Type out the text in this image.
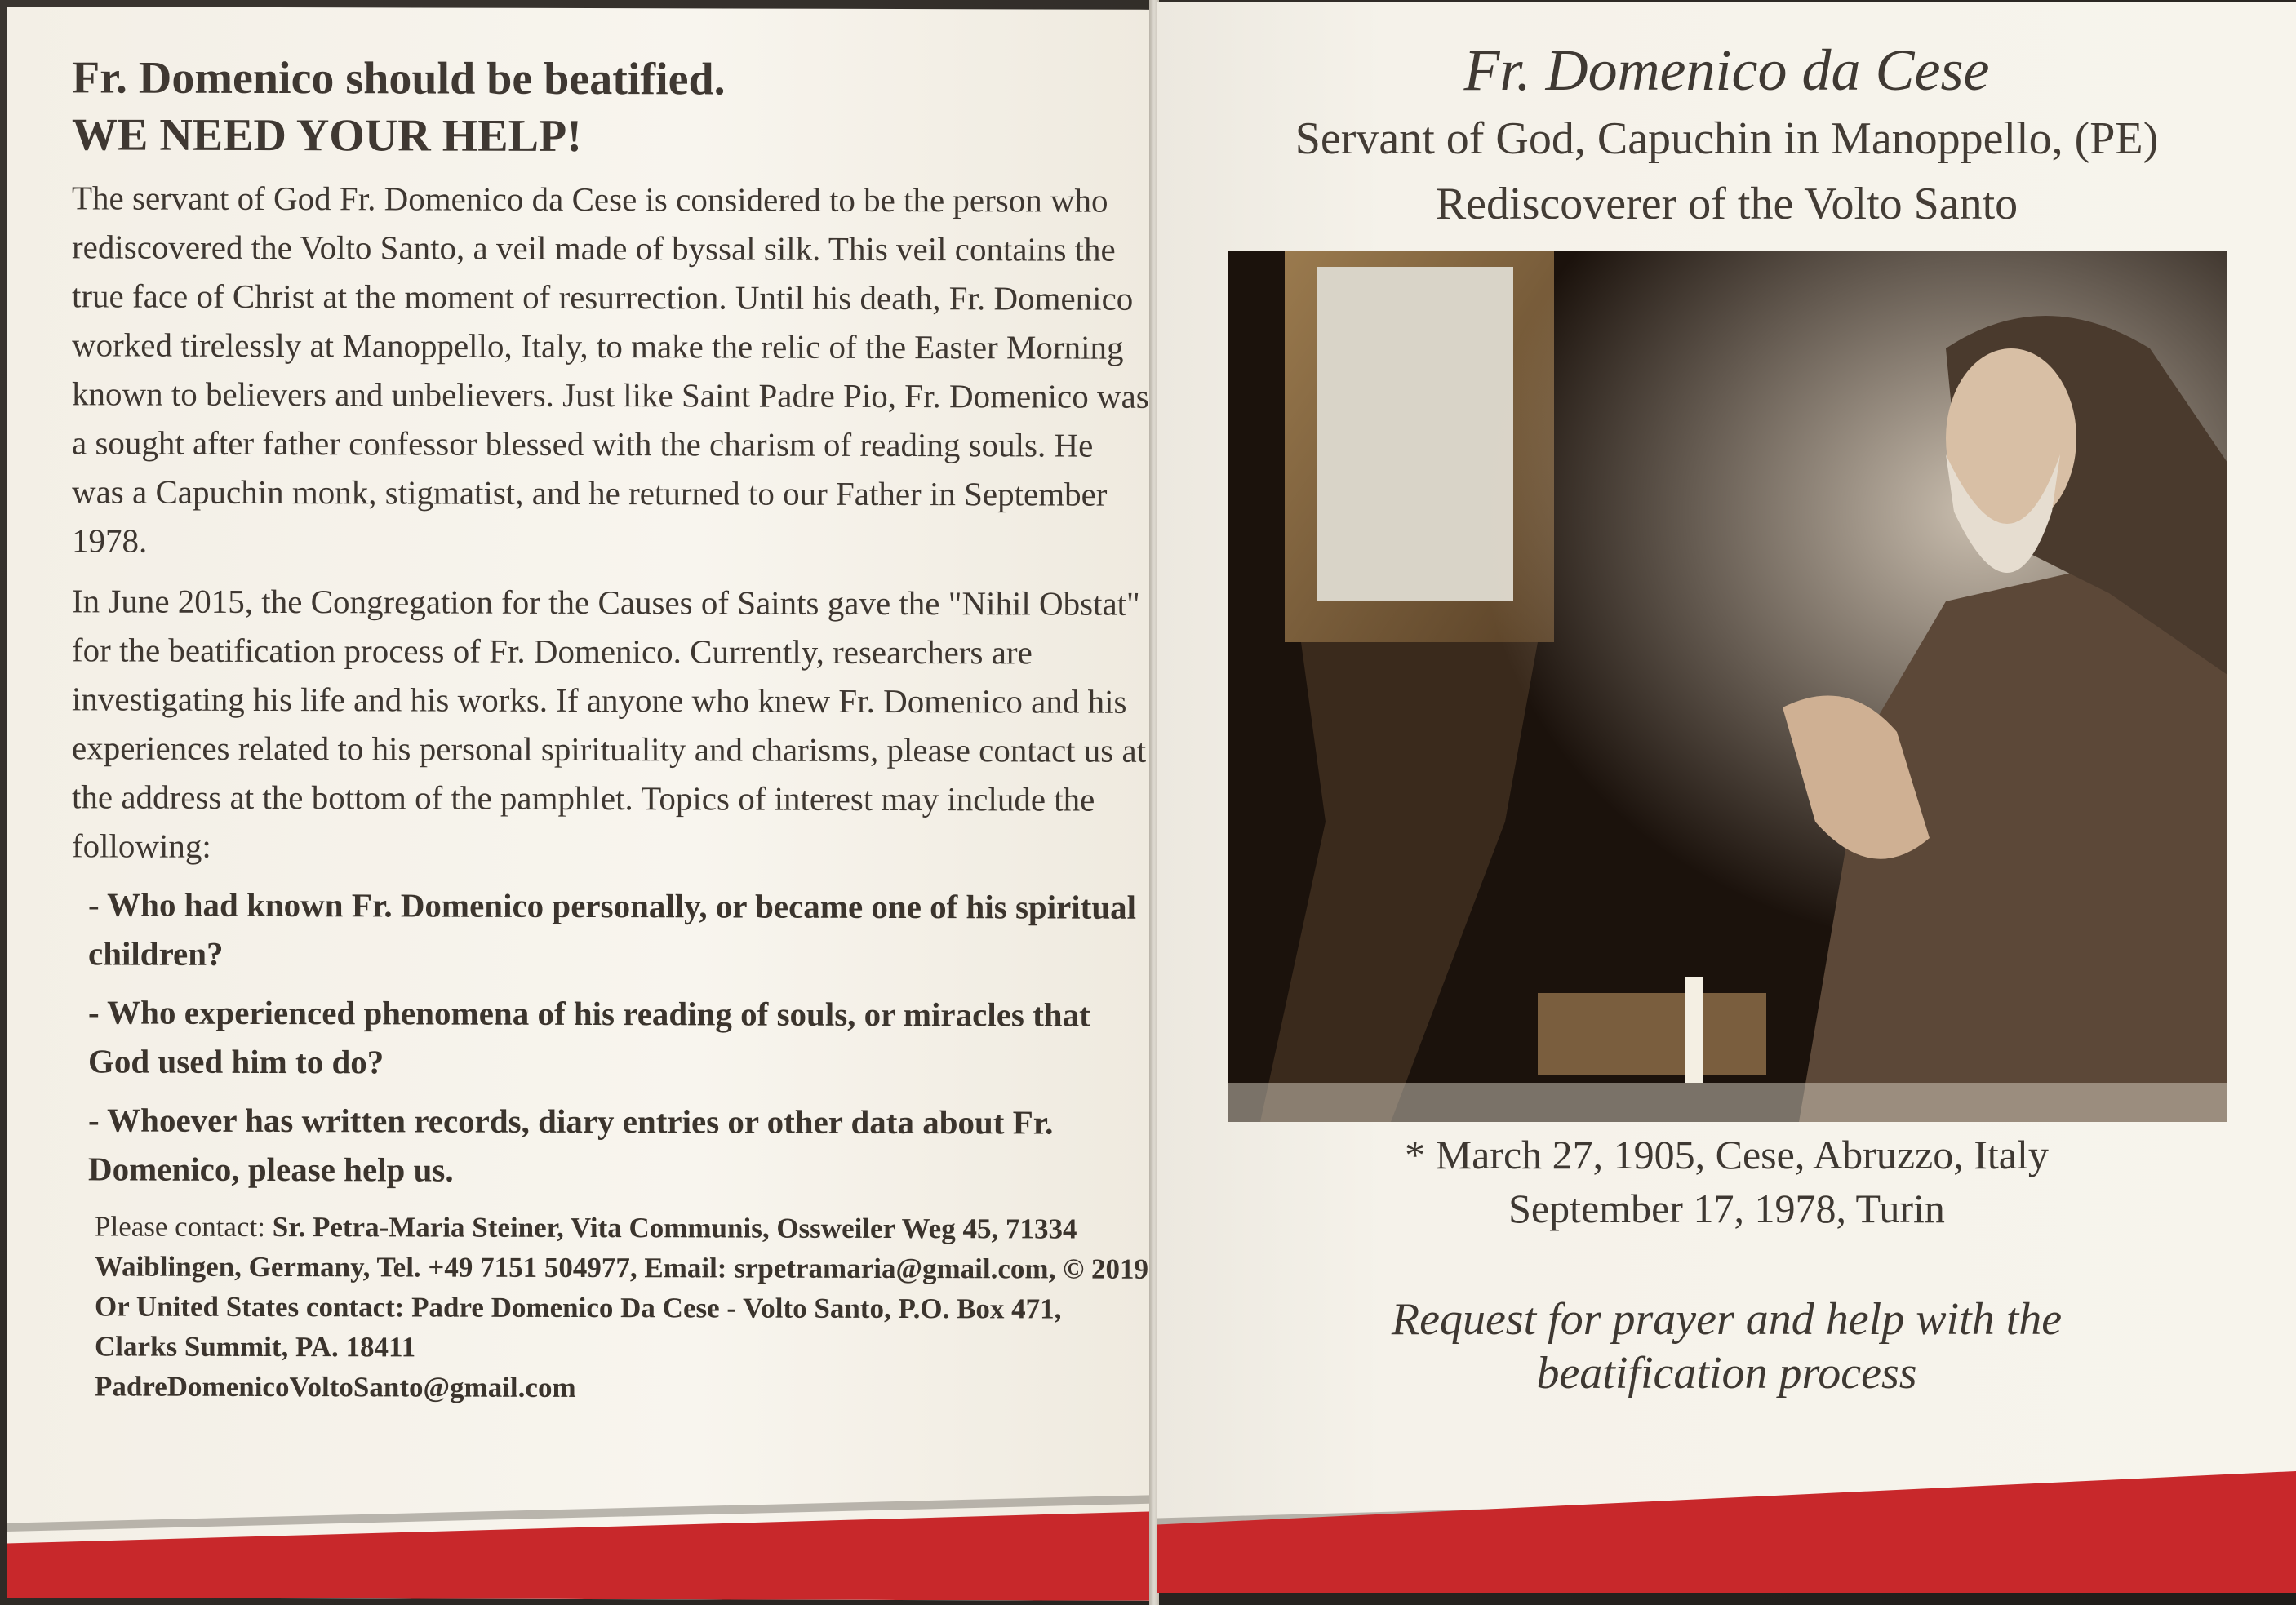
Fr. Domenico should be beatified.
WE NEED YOUR HELP!

The servant of God Fr. Domenico da Cese is considered to be the person who rediscovered the Volto Santo, a veil made of byssal silk. This veil contains the true face of Christ at the moment of resurrection. Until his death, Fr. Domenico worked tirelessly at Manoppello, Italy, to make the relic of the Easter Morning known to believers and unbelievers. Just like Saint Padre Pio, Fr. Domenico was a sought after father confessor blessed with the charism of reading souls. He was a Capuchin monk, stigmatist, and he returned to our Father in September 1978.

In June 2015, the Congregation for the Causes of Saints gave the "Nihil Obstat" for the beatification process of Fr. Domenico. Currently, researchers are investigating his life and his works. If anyone who knew Fr. Domenico and his experiences related to his personal spirituality and charisms, please contact us at the address at the bottom of the pamphlet. Topics of interest may include the following:

- Who had known Fr. Domenico personally, or became one of his spiritual children?

- Who experienced phenomena of his reading of souls, or miracles that God used him to do?

- Whoever has written records, diary entries or other data about Fr. Domenico, please help us.

Please contact: Sr. Petra-Maria Steiner, Vita Communis, Ossweiler Weg 45, 71334 Waiblingen, Germany, Tel. +49 7151 504977, Email: srpetramaria@gmail.com, © 2019
Or United States contact: Padre Domenico Da Cese - Volto Santo, P.O. Box 471, Clarks Summit, PA. 18411
PadreDomenicoVoltoSanto@gmail.com
Fr. Domenico da Cese
Servant of God, Capuchin in Manoppello, (PE)
Rediscoverer of the Volto Santo
* March 27, 1905, Cese, Abruzzo, Italy
September 17, 1978, Turin
Request for prayer and help with the
beatification process
